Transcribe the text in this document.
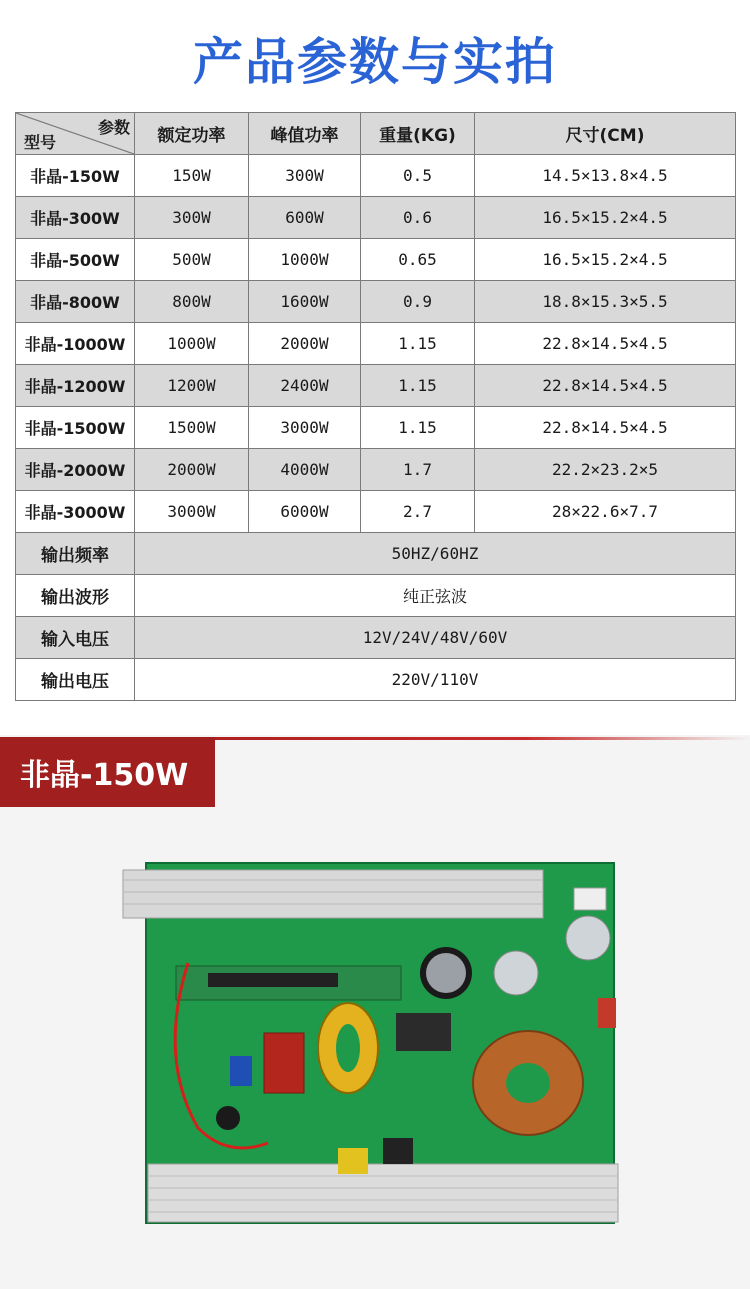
产品参数与实拍
参数
型号	额定功率	峰值功率	重量(KG)	尺寸(CM)
非晶-150W	150W	300W	0.5	14.5×13.8×4.5
非晶-300W	300W	600W	0.6	16.5×15.2×4.5
非晶-500W	500W	1000W	0.65	16.5×15.2×4.5
非晶-800W	800W	1600W	0.9	18.8×15.3×5.5
非晶-1000W	1000W	2000W	1.15	22.8×14.5×4.5
非晶-1200W	1200W	2400W	1.15	22.8×14.5×4.5
非晶-1500W	1500W	3000W	1.15	22.8×14.5×4.5
非晶-2000W	2000W	4000W	1.7	22.2×23.2×5
非晶-3000W	3000W	6000W	2.7	28×22.6×7.7
输出频率	50HZ/60HZ			
输出波形	纯正弦波			
输入电压	12V/24V/48V/60V			
输出电压	220V/110V			
非晶-150W
